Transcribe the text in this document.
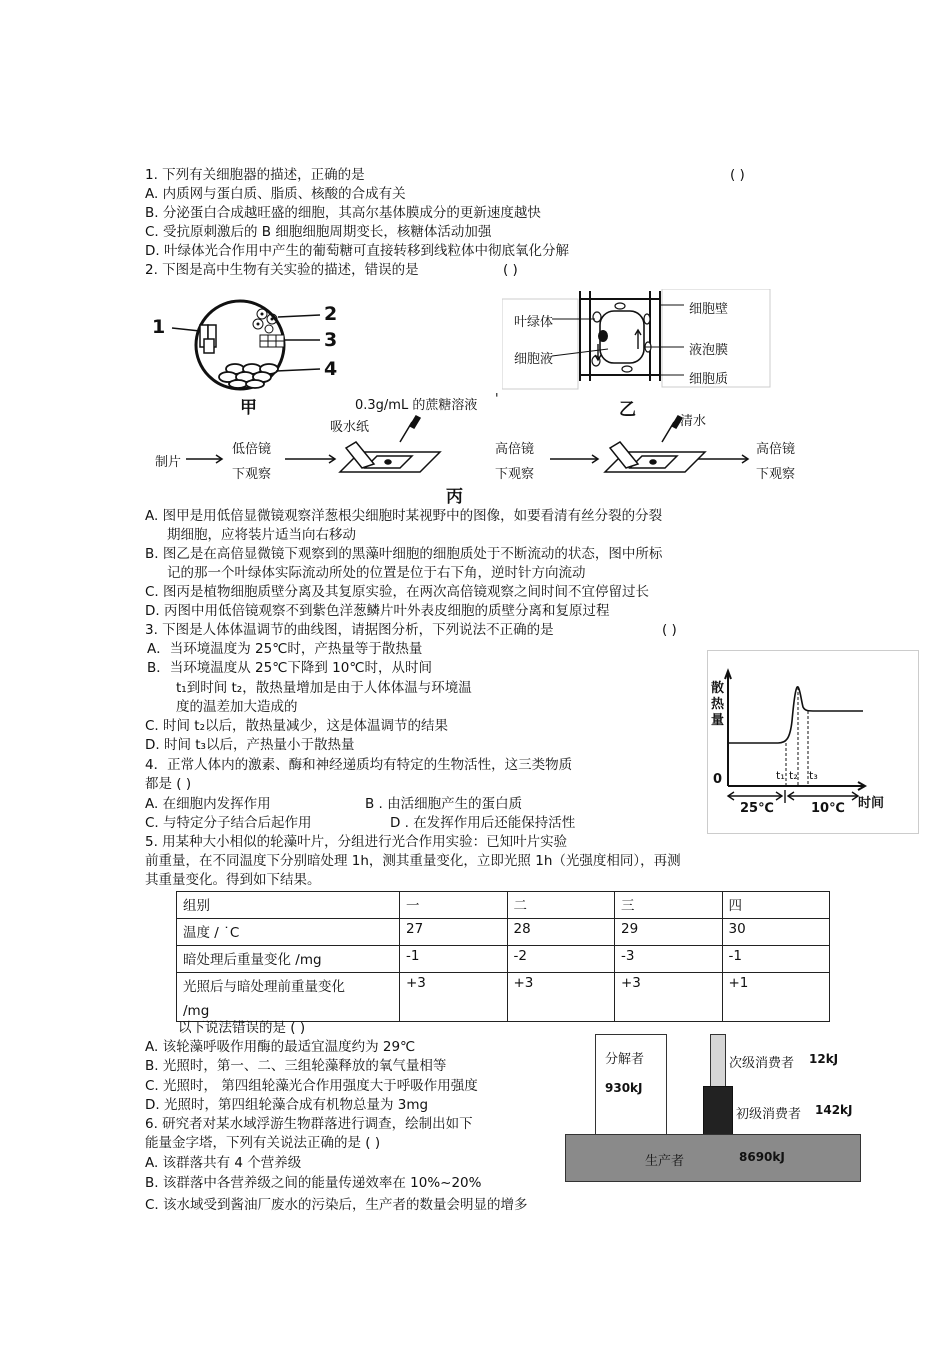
1. 下列有关细胞器的描述，正确的是	( )
A. 内质网与蛋白质、脂质、核酸的合成有关
B. 分泌蛋白合成越旺盛的细胞，其高尔基体膜成分的更新速度越快
C. 受抗原刺激后的 B 细胞细胞周期变长，核糖体活动加强
D. 叶绿体光合作用中产生的葡萄糖可直接转移到线粒体中彻底氧化分解
2. 下图是高中生物有关实验的描述，错误的是	( )
1
2
3
4
甲
叶绿体
细胞液
细胞壁
液泡膜
细胞质
乙
0.3g/mL 的蔗糖溶液 '
吸水纸	清水
制片
低倍镜
下观察
高倍镜
下观察
高倍镜
下观察
丙
A. 图甲是用低倍显微镜观察洋葱根尖细胞时某视野中的图像，如要看清有丝分裂的分裂
期细胞，应将装片适当向右移动
B. 图乙是在高倍显微镜下观察到的黑藻叶细胞的细胞质处于不断流动的状态，图中所标
记的那一个叶绿体实际流动所处的位置是位于右下角，逆时针方向流动
C. 图丙是植物细胞质壁分离及其复原实验，在两次高倍镜观察之间时间不宜停留过长
D. 丙图中用低倍镜观察不到紫色洋葱鳞片叶外表皮细胞的质壁分离和复原过程
3. 下图是人体体温调节的曲线图，请据图分析，下列说法不正确的是	( )
A．当环境温度为 25℃时，产热量等于散热量
B．当环境温度从 25℃下降到 10℃时，从时间
t₁到时间 t₂，散热量增加是由于人体体温与环境温
度的温差加大造成的
C. 时间 t₂以后，散热量减少，这是体温调节的结果
D. 时间 t₃以后，产热量小于散热量
散热量
0	t₁ t₂ t₃
时间
25℃	10℃
4．正常人体内的激素、酶和神经递质均有特定的生物活性，这三类物质
都是 ( )
A. 在细胞内发挥作用	B . 由活细胞产生的蛋白质
C. 与特定分子结合后起作用	D . 在发挥作用后还能保持活性
5. 用某种大小相似的轮藻叶片，分组进行光合作用实验：已知叶片实验
前重量，在不同温度下分别暗处理 1h，测其重量变化，立即光照 1h（光强度相同），再测
其重量变化。得到如下结果。
组别	一	二	三	四
温度 / ˙C	27	28	29	30
暗处理后重量变化 /mg	-1	-2	-3	-1

光照后与暗处理前重量变化
/mg	+3	+3	+3	+1
以下说法错误的是 ( )
A. 该轮藻呼吸作用酶的最适宜温度约为 29℃
B. 光照时，第一、二、三组轮藻释放的氧气量相等
C. 光照时， 第四组轮藻光合作用强度大于呼吸作用强度
D. 光照时，第四组轮藻合成有机物总量为 3mg
6. 研究者对某水域浮游生物群落进行调查，绘制出如下
能量金字塔，下列有关说法正确的是 ( )
A. 该群落共有 4 个营养级
B. 该群落中各营养级之间的能量传递效率在 10%~20%
C. 该水域受到酱油厂废水的污染后，生产者的数量会明显的增多
分解者
930kJ
次级消费者 12kJ
初级消费者 142kJ
生产者	8690kJ
